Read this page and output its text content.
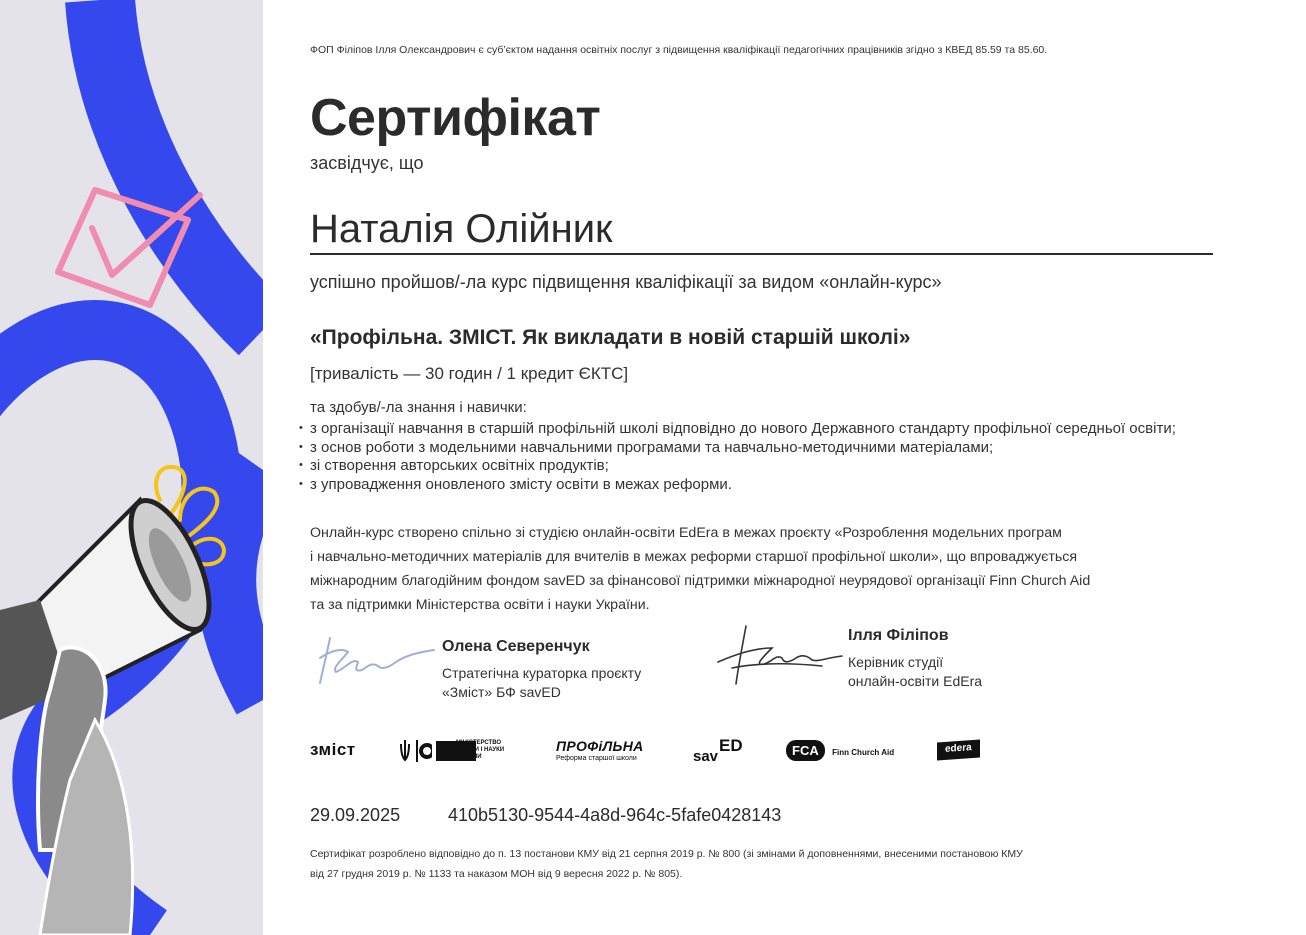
ФОП Філіпов Ілля Олександрович є суб’єктом надання освітніх послуг з підвищення кваліфікації педагогічних працівників згідно з КВЕД 85.59 та 85.60.
Сертифікат
засвідчує, що
Наталія Олійник
успішно пройшов/-ла курс підвищення кваліфікації за видом «онлайн-курс»
«Профільна. ЗМІСТ. Як викладати в новій старшій школі»
[тривалість — 30 годин / 1 кредит ЄКТС]
та здобув/-ла знання і навички:
• з організації навчання в старшій профільній школі відповідно до нового Державного стандарту профільної середньої освіти;
• з основ роботи з модельними навчальними програмами та навчально-методичними матеріалами;
• зі створення авторських освітніх продуктів;
• з упровадження оновленого змісту освіти в межах реформи.
Онлайн-курс створено спільно зі студією онлайн-освіти EdEra в межах проєкту «Розроблення модельних програм
і навчально-методичних матеріалів для вчителів в межах реформи старшої профільної школи», що впроваджується
міжнародним благодійним фондом savED за фінансової підтримки міжнародної неурядової організації Finn Church Aid
та за підтримки Міністерства освіти і науки України.
Олена Северенчук
Стратегічна кураторка проєкту
«Зміст» БФ savED
Ілля Філіпов
Керівник студії
онлайн-освіти EdEra
змiст	МІНІСТЕРСТВО
ОСВІТИ І НАУКИ
УКРАЇНИ
ПРОФіЛЬНА
Реформа старшої школи	sav
ED	FCA Finn Church Aid	edera
29.09.2025	410b5130-9544-4a8d-964c-5fafe0428143
Сертифікат розроблено відповідно до п. 13 постанови КМУ від 21 серпня 2019 р. № 800 (зі змінами й доповненнями, внесеними постановою КМУ
від 27 грудня 2019 р. № 1133 та наказом МОН від 9 вересня 2022 р. № 805).
